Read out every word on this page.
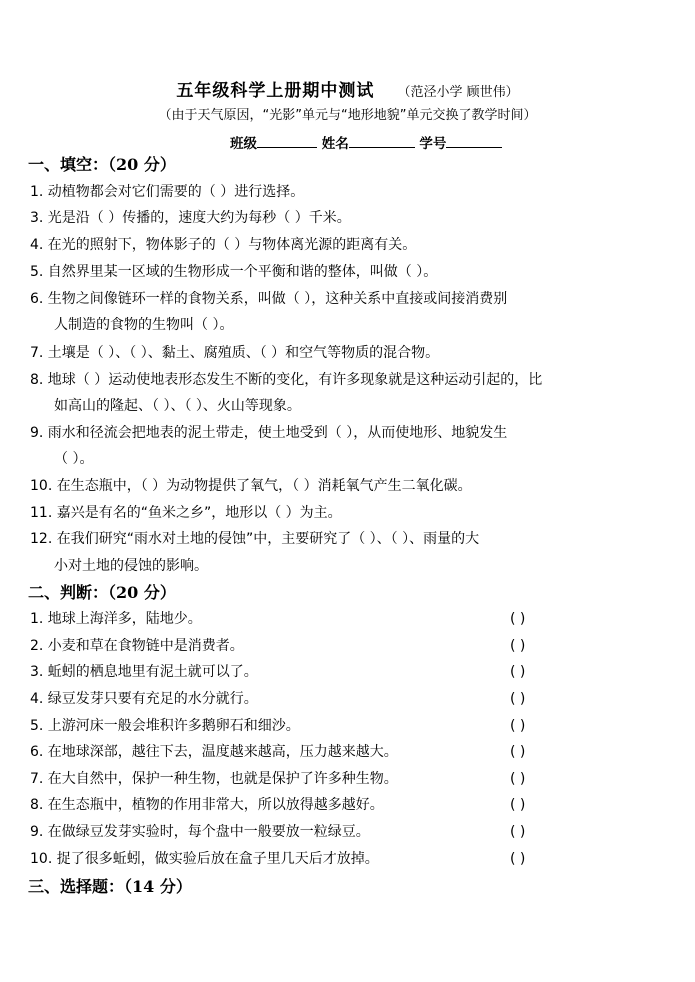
五年级科学上册期中测试 （范泾小学 顾世伟）
（由于天气原因，“光影”单元与“地形地貌”单元交换了教学时间）
班级	姓名	学号
一、填空：（20 分）
1. 动植物都会对它们需要的（ ）进行选择。
3. 光是沿（ ）传播的，速度大约为每秒（ ）千米。
4. 在光的照射下，物体影子的（ ）与物体离光源的距离有关。
5. 自然界里某一区域的生物形成一个平衡和谐的整体，叫做（ ）。
6. 生物之间像链环一样的食物关系，叫做（ ），这种关系中直接或间接消费别
人制造的食物的生物叫（ ）。
7. 土壤是（ ）、（ ）、黏土、腐殖质、（ ）和空气等物质的混合物。
8. 地球（ ）运动使地表形态发生不断的变化，有许多现象就是这种运动引起的，比
如高山的隆起、（ ）、（ ）、火山等现象。
9. 雨水和径流会把地表的泥土带走，使土地受到（ ），从而使地形、地貌发生
（ ）。
10. 在生态瓶中，（ ）为动物提供了氧气，（ ）消耗氧气产生二氧化碳。
11. 嘉兴是有名的“鱼米之乡”，地形以（ ）为主。
12. 在我们研究“雨水对土地的侵蚀”中，主要研究了（ ）、（ ）、雨量的大
小对土地的侵蚀的影响。
二、判断：（20 分）
1. 地球上海洋多，陆地少。	( )
2. 小麦和草在食物链中是消费者。	( )
3. 蚯蚓的栖息地里有泥土就可以了。	( )
4. 绿豆发芽只要有充足的水分就行。	( )
5. 上游河床一般会堆积许多鹅卵石和细沙。	( )
6. 在地球深部，越往下去，温度越来越高，压力越来越大。	( )
7. 在大自然中，保护一种生物，也就是保护了许多种生物。	( )
8. 在生态瓶中，植物的作用非常大，所以放得越多越好。	( )
9. 在做绿豆发芽实验时，每个盘中一般要放一粒绿豆。	( )
10. 捉了很多蚯蚓，做实验后放在盒子里几天后才放掉。	( )
三、选择题：（14 分）
